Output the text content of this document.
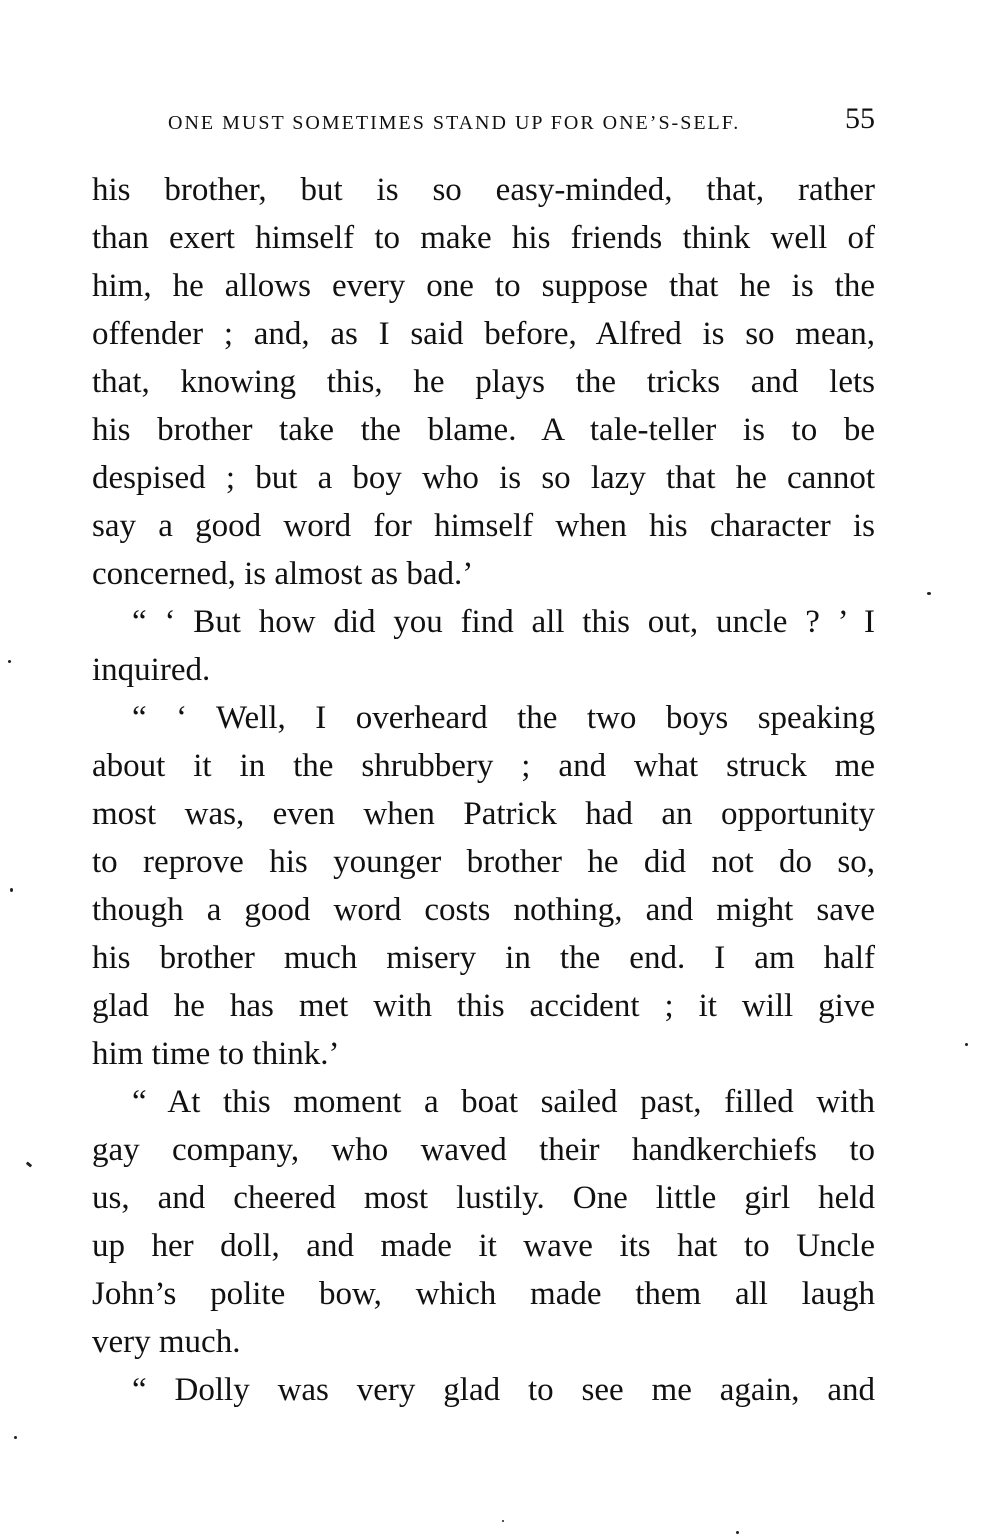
ONE MUST SOMETIMES STAND UP FOR ONE’S-SELF.	55
his brother, but is so easy-minded, that, rather
than exert himself to make his friends think well of
him, he allows every one to suppose that he is the
offender ; and, as I said before, Alfred is so mean,
that, knowing this, he plays the tricks and lets
his brother take the blame. A tale-teller is to be
despised ; but a boy who is so lazy that he cannot
say a good word for himself when his character is
concerned, is almost as bad.’
“ ‘ But how did you find all this out, uncle ? ’ I
inquired.
“ ‘ Well, I overheard the two boys speaking
about it in the shrubbery ; and what struck me
most was, even when Patrick had an opportunity
to reprove his younger brother he did not do so,
though a good word costs nothing, and might save
his brother much misery in the end. I am half
glad he has met with this accident ; it will give
him time to think.’
“ At this moment a boat sailed past, filled with
gay company, who waved their handkerchiefs to
us, and cheered most lustily. One little girl held
up her doll, and made it wave its hat to Uncle
John’s polite bow, which made them all laugh
very much.
“ Dolly was very glad to see me again, and
